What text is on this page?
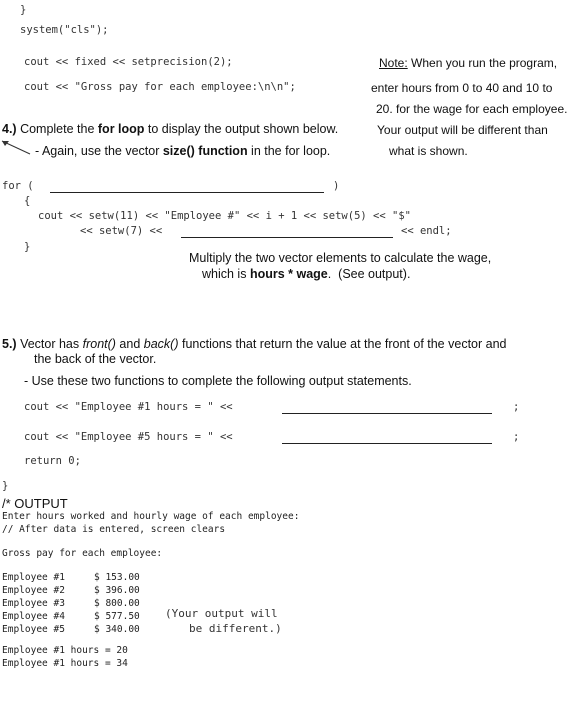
}
system("cls");
cout << fixed << setprecision(2);
cout << "Gross pay for each employee:\n\n";
Note: When you run the program,
enter hours from 0 to 40 and 10 to
20. for the wage for each employee.
Your output will be different than
what is shown.
4.) Complete the for loop to display the output shown below.
- Again, use the vector size() function in the for loop.
for (	)
{
cout << setw(11) << "Employee #" << i + 1 << setw(5) << "$"
<< setw(7) <<	<< endl;
}
Multiply the two vector elements to calculate the wage,
which is hours * wage.  (See output).
5.) Vector has front() and back() functions that return the value at the front of the vector and
the back of the vector.
- Use these two functions to complete the following output statements.
cout << "Employee #1 hours = " <<	;
cout << "Employee #5 hours = " <<	;
return 0;
}
/* OUTPUT
Enter hours worked and hourly wage of each employee:
// After data is entered, screen clears
Gross pay for each employee:
Employee #1	$ 153.00
Employee #2	$ 396.00
Employee #3	$ 800.00
Employee #4	$ 577.50
Employee #5	$ 340.00
(Your output will
be different.)
Employee #1 hours = 20
Employee #1 hours = 34
